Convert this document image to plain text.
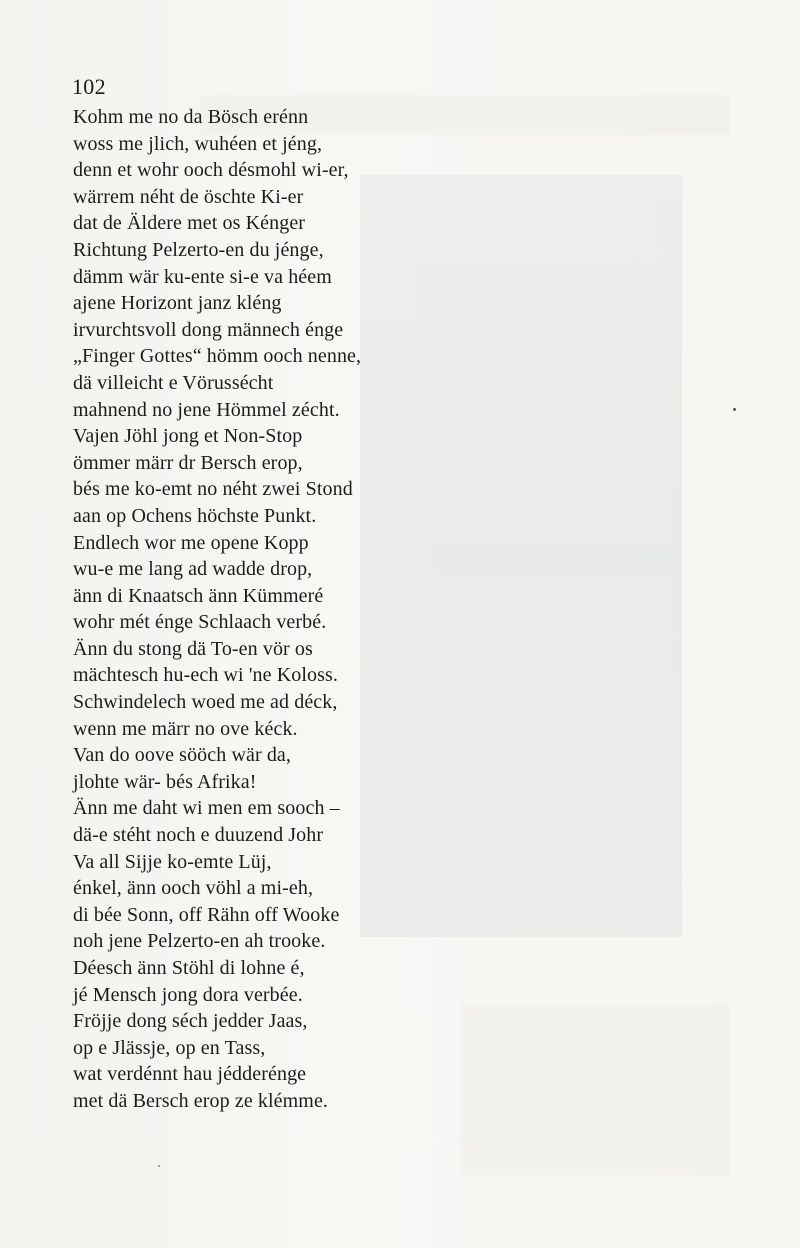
102
Kohm me no da Bösch erénn
woss me jlich, wuhéen et jéng,
denn et wohr ooch désmohl wi-er,
wärrem néht de öschte Ki-er
dat de Äldere met os Kénger
Richtung Pelzerto-en du jénge,
dämm wär ku-ente si-e va héem
ajene Horizont janz kléng
irvurchtsvoll dong männech énge
„Finger Gottes“ hömm ooch nenne,
dä villeicht e Vörussécht
mahnend no jene Hömmel zécht.
Vajen Jöhl jong et Non-Stop
ömmer märr dr Bersch erop,
bés me ko-emt no néht zwei Stond
aan op Ochens höchste Punkt.
Endlech wor me opene Kopp
wu-e me lang ad wadde drop,
änn di Knaatsch änn Kümmeré
wohr mét énge Schlaach verbé.
Änn du stong dä To-en vör os
mächtesch hu-ech wi 'ne Koloss.
Schwindelech woed me ad déck,
wenn me märr no ove kéck.
Van do oove sööch wär da,
jlohte wär- bés Afrika!
Änn me daht wi men em sooch –
dä-e stéht noch e duuzend Johr
Va all Sijje ko-emte Lüj,
énkel, änn ooch vöhl a mi-eh,
di bée Sonn, off Rähn off Wooke
noh jene Pelzerto-en ah trooke.
Déesch änn Stöhl di lohne é,
jé Mensch jong dora verbée.
Fröjje dong séch jedder Jaas,
op e Jlässje, op en Tass,
wat verdénnt hau jédderénge
met dä Bersch erop ze klémme.
